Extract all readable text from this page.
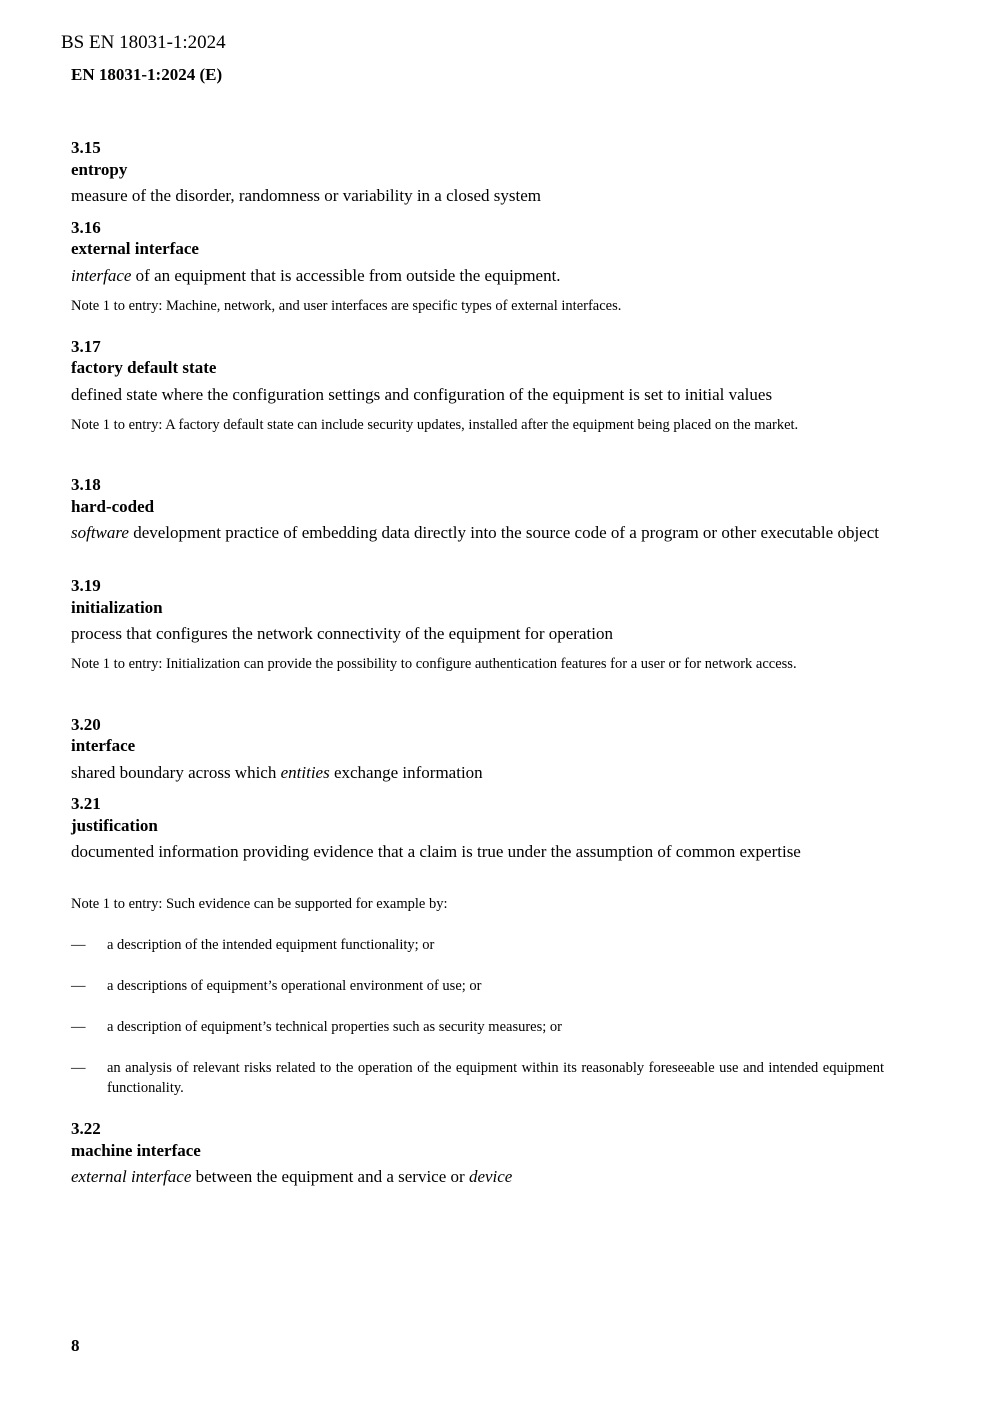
BS EN 18031-1:2024
EN 18031-1:2024 (E)
3.15
entropy
measure of the disorder, randomness or variability in a closed system
3.16
external interface
interface of an equipment that is accessible from outside the equipment.
Note 1 to entry: Machine, network, and user interfaces are specific types of external interfaces.
3.17
factory default state
defined state where the configuration settings and configuration of the equipment is set to initial values
Note 1 to entry: A factory default state can include security updates, installed after the equipment being placed on the market.
3.18
hard-coded
software development practice of embedding data directly into the source code of a program or other executable object
3.19
initialization
process that configures the network connectivity of the equipment for operation
Note 1 to entry: Initialization can provide the possibility to configure authentication features for a user or for network access.
3.20
interface
shared boundary across which entities exchange information
3.21
justification
documented information providing evidence that a claim is true under the assumption of common expertise
Note 1 to entry: Such evidence can be supported for example by:
— a description of the intended equipment functionality; or
— a descriptions of equipment’s operational environment of use; or
— a description of equipment’s technical properties such as security measures; or
— an analysis of relevant risks related to the operation of the equipment within its reasonably foreseeable use and intended equipment functionality.
3.22
machine interface
external interface between the equipment and a service or device
8
